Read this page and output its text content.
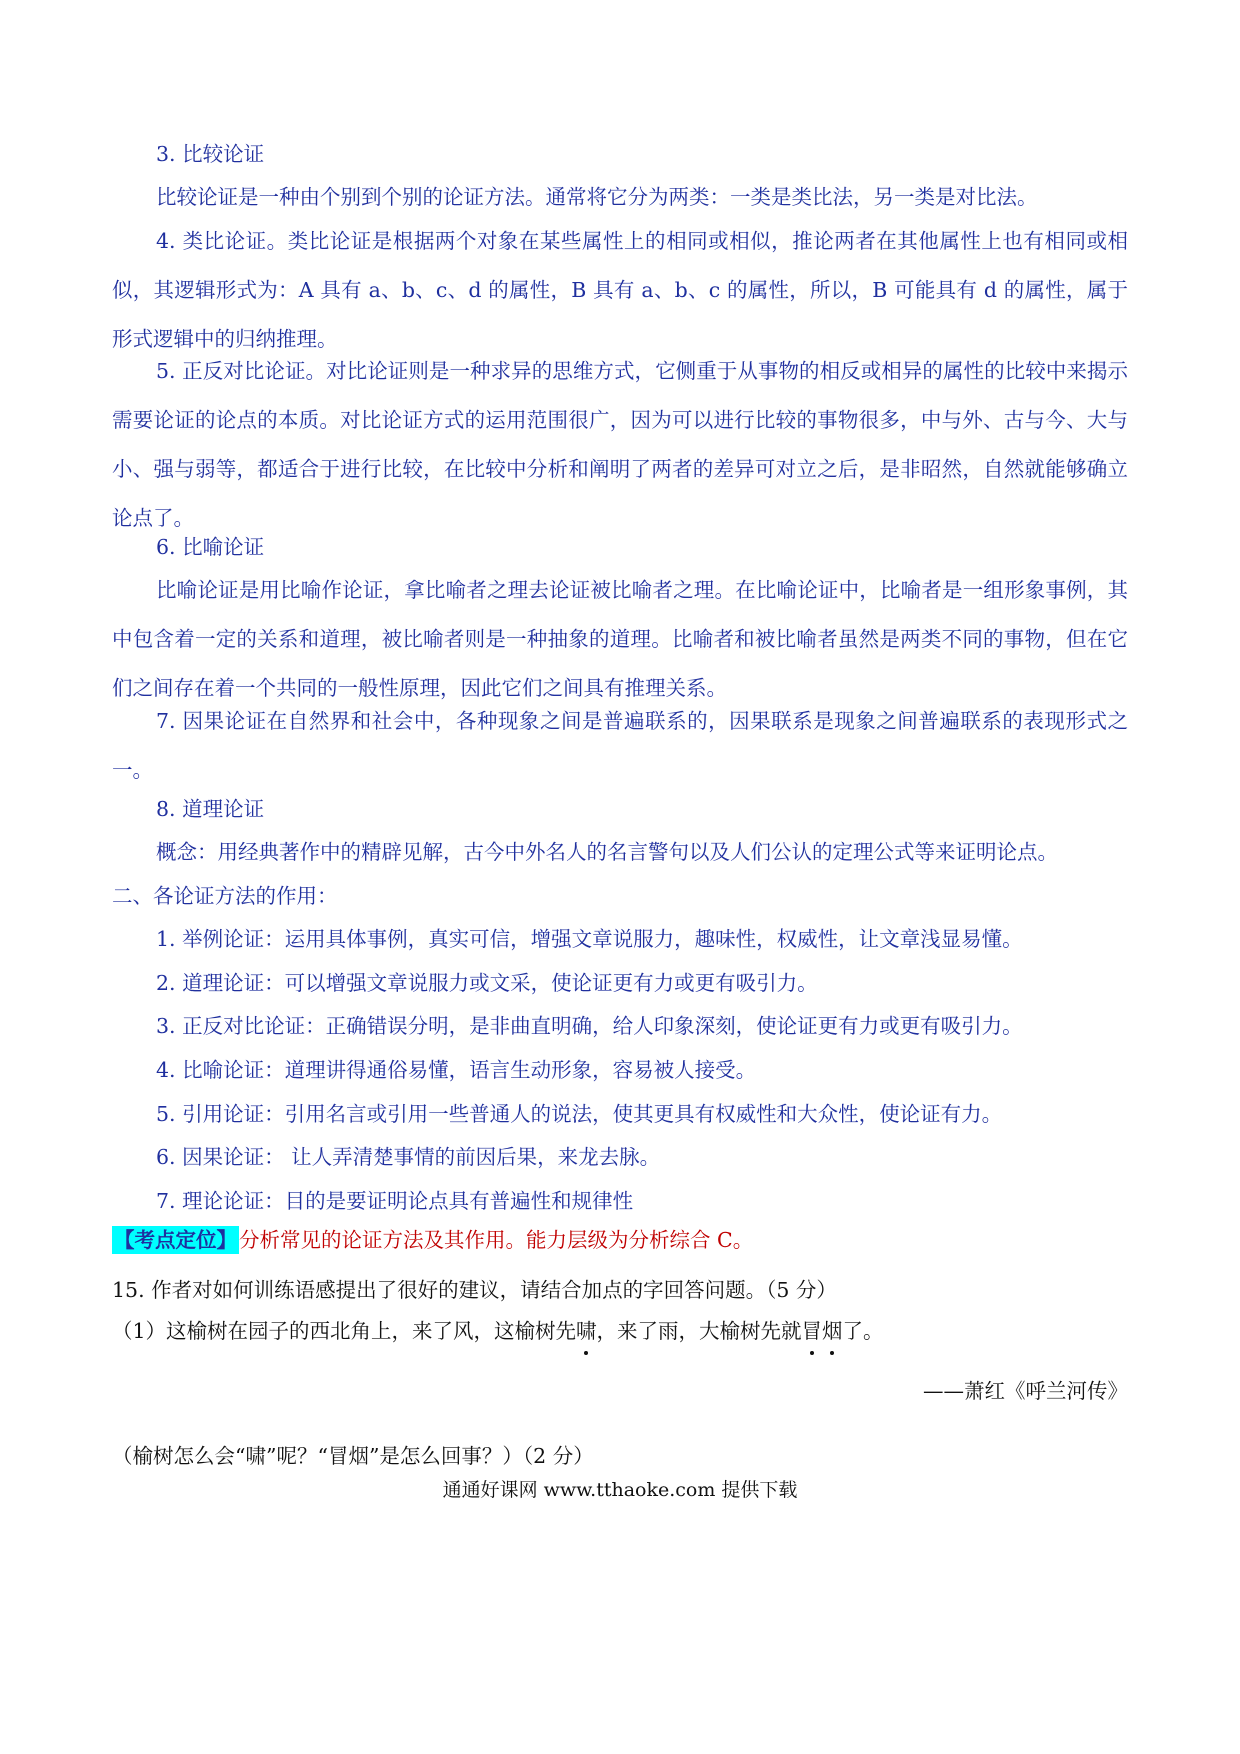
3. 比较论证

比较论证是一种由个别到个别的论证方法。通常将它分为两类：一类是类比法，另一类是对比法。

4. 类比论证。类比论证是根据两个对象在某些属性上的相同或相似，推论两者在其他属性上也有相同或相似，其逻辑形式为：A 具有 a、b、c、d 的属性，B 具有 a、b、c 的属性，所以，B 可能具有 d 的属性，属于形式逻辑中的归纳推理。

5. 正反对比论证。对比论证则是一种求异的思维方式，它侧重于从事物的相反或相异的属性的比较中来揭示需要论证的论点的本质。对比论证方式的运用范围很广，因为可以进行比较的事物很多，中与外、古与今、大与小、强与弱等，都适合于进行比较，在比较中分析和阐明了两者的差异可对立之后，是非昭然，自然就能够确立论点了。

6. 比喻论证

比喻论证是用比喻作论证，拿比喻者之理去论证被比喻者之理。在比喻论证中，比喻者是一组形象事例，其中包含着一定的关系和道理，被比喻者则是一种抽象的道理。比喻者和被比喻者虽然是两类不同的事物，但在它们之间存在着一个共同的一般性原理，因此它们之间具有推理关系。

7. 因果论证在自然界和社会中，各种现象之间是普遍联系的，因果联系是现象之间普遍联系的表现形式之一。

8. 道理论证

概念：用经典著作中的精辟见解，古今中外名人的名言警句以及人们公认的定理公式等来证明论点。

二、各论证方法的作用：

1. 举例论证：运用具体事例，真实可信，增强文章说服力，趣味性，权威性，让文章浅显易懂。

2. 道理论证：可以增强文章说服力或文采，使论证更有力或更有吸引力。

3. 正反对比论证：正确错误分明，是非曲直明确，给人印象深刻，使论证更有力或更有吸引力。

4. 比喻论证：道理讲得通俗易懂，语言生动形象，容易被人接受。

5. 引用论证：引用名言或引用一些普通人的说法，使其更具有权威性和大众性，使论证有力。

6. 因果论证： 让人弄清楚事情的前因后果，来龙去脉。

7. 理论论证：目的是要证明论点具有普遍性和规律性

【考点定位】分析常见的论证方法及其作用。能力层级为分析综合 C。

15. 作者对如何训练语感提出了很好的建议，请结合加点的字回答问题。（5 分）

（1）这榆树在园子的西北角上，来了风，这榆树先啸，来了雨，大榆树先就冒烟了。

——萧红《呼兰河传》

（榆树怎么会“啸”呢？“冒烟”是怎么回事？）（2 分）

通通好课网 www.tthaoke.com 提供下载
